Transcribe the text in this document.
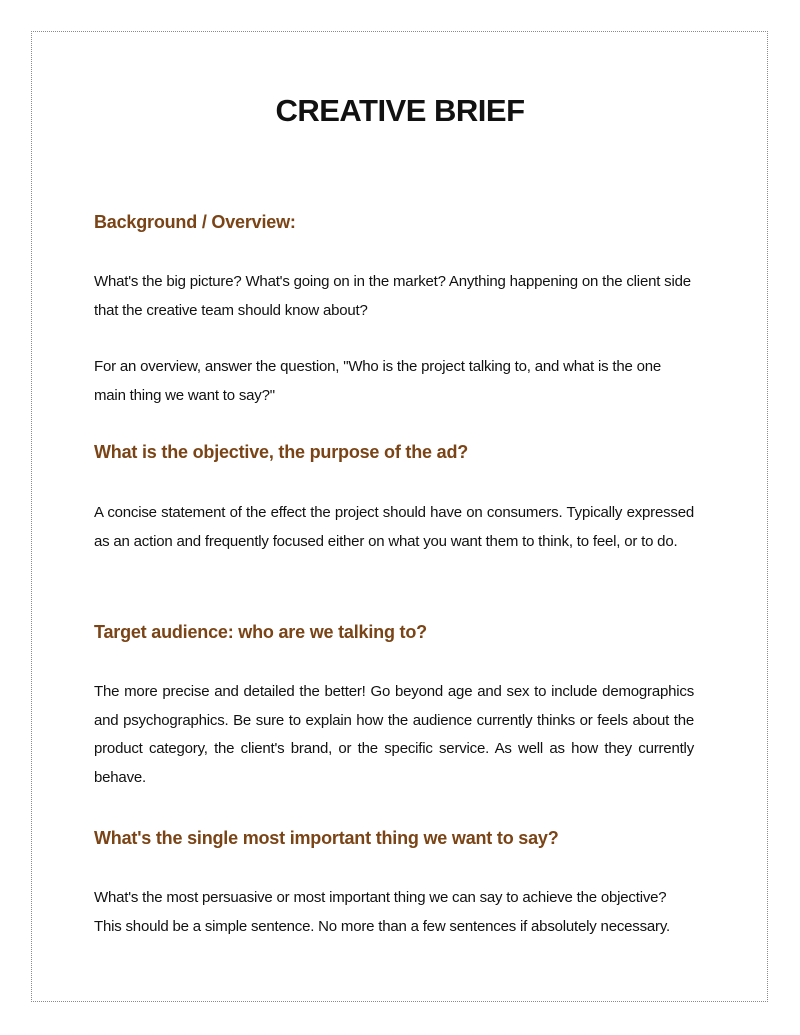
CREATIVE BRIEF
Background / Overview:

What's the big picture? What's going on in the market? Anything happening on the client side that the creative team should know about?

For an overview, answer the question, "Who is the project talking to, and what is the one main thing we want to say?"

What is the objective, the purpose of the ad?

A concise statement of the effect the project should have on consumers. Typically expressed as an action and frequently focused either on what you want them to think, to feel, or to do.

Target audience: who are we talking to?

The more precise and detailed the better! Go beyond age and sex to include demographics and psychographics. Be sure to explain how the audience currently thinks or feels about the product category, the client's brand, or the specific service. As well as how they currently behave.

What's the single most important thing we want to say?

What's the most persuasive or most important thing we can say to achieve the objective? This should be a simple sentence. No more than a few sentences if absolutely necessary.
